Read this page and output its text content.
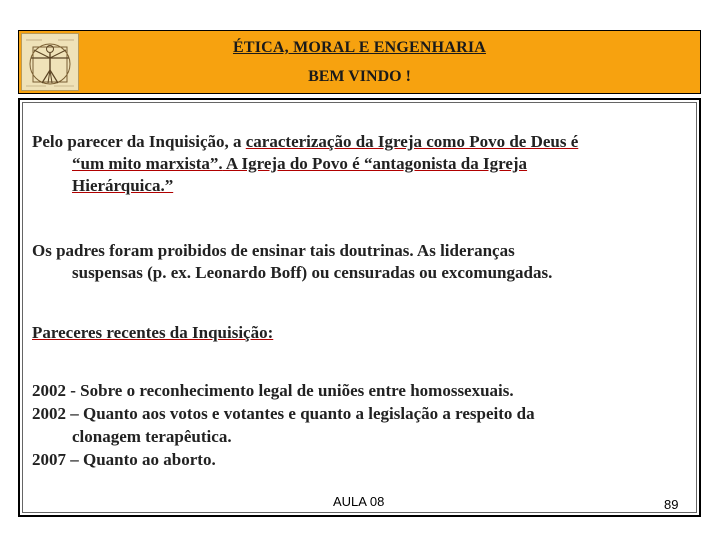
ÉTICA, MORAL E ENGENHARIA
BEM VINDO !
Pelo parecer da Inquisição, a caracterização da Igreja como Povo de Deus é
“um mito marxista”. A Igreja do Povo é “antagonista da Igreja
Hierárquica.”
Os padres foram proibidos de ensinar tais doutrinas. As lideranças
suspensas (p. ex. Leonardo Boff) ou censuradas ou excomungadas.
Pareceres recentes da Inquisição:
2002 - Sobre o reconhecimento legal de uniões entre homossexuais.
2002 – Quanto aos votos e votantes e quanto a legislação a respeito da
clonagem terapêutica.
2007 – Quanto ao aborto.
AULA 08	89
